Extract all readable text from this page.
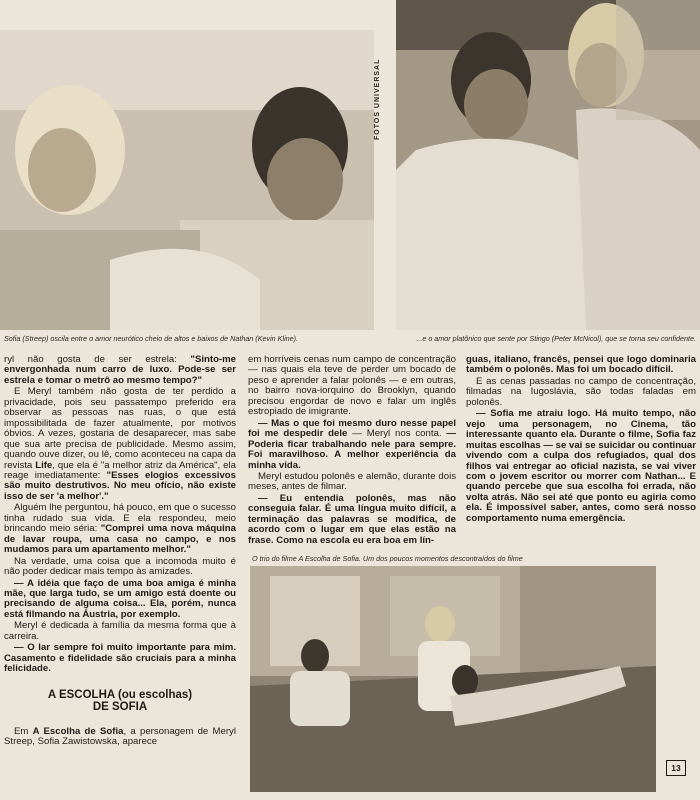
FOTOS UNIVERSAL
Sofia (Streep) oscila entre o amor neurótico cheio de altos e baixos de Nathan (Kevin Kline).	...e o amor platônico que sente por Stingo (Peter McNicol), que se torna seu confidente.

ryl não gosta de ser estrela: "Sinto-me envergonhada num carro de luxo. Pode-se ser estrela e tomar o metrô ao mesmo tempo?"

E Meryl também não gosta de ter perdido a privacidade, pois seu passatempo preferido era observar as pessoas nas ruas, o que está impossibilitada de fazer atualmente, por motivos óbvios. A vezes, gostaria de desaparecer, mas sabe que sua arte precisa de publicidade. Mesmo assim, quando ouve dizer, ou lê, como aconteceu na capa da revista Life, que ela é "a melhor atriz da América", ela reage imediatamente: "Esses elogios excessivos são muito destrutivos. No meu ofício, não existe isso de ser 'a melhor'."

Alguém lhe perguntou, há pouco, em que o sucesso tinha rudado sua vida. E ela respondeu, meio brincando meio séria: "Comprei uma nova máquina de lavar roupa, uma casa no campo, e nos mudamos para um apartamento melhor."

Na verdade, uma coisa que a incomoda muito é não poder dedicar mais tempo às amizades.

— A idéia que faço de uma boa amiga é minha mãe, que larga tudo, se um amigo está doente ou precisando de alguma coisa... Ela, porém, nunca está filmando na Áustria, por exemplo.

Meryl é dedicada à família da mesma forma que à carreira.

— O lar sempre foi muito importante para mim. Casamento e fidelidade são cruciais para a minha felicidade.

A ESCOLHA (ou escolhas)
DE SOFIA

Em A Escolha de Sofia, a personagem de Meryl Streep, Sofia Zawistowska, aparece

em horríveis cenas num campo de concentração — nas quais ela teve de perder um bocado de peso e aprender a falar polonês — e em outras, no bairro nova-iorquino do Brooklyn, quando precisou engordar de novo e falar um inglês estropiado de imigrante.

— Mas o que foi mesmo duro nesse papel foi me despedir dele — Meryl nos conta. — Poderia ficar trabalhando nele para sempre. Foi maravilhoso. A melhor experiência da minha vida.

Meryl estudou polonês e alemão, durante dois meses, antes de filmar.

— Eu entendia polonês, mas não conseguia falar. É uma língua muito difícil, a terminação das palavras se modifica, de acordo com o lugar em que elas estão na frase. Como na escola eu era boa em lín-

guas, italiano, francês, pensei que logo dominaria também o polonês. Mas foi um bocado difícil.

E as cenas passadas no campo de concentração, filmadas na Iugoslávia, são todas faladas em polonês.

— Sofia me atraiu logo. Há muito tempo, não vejo uma personagem, no Cinema, tão interessante quanto ela. Durante o filme, Sofia faz muitas escolhas — se vai se suicidar ou continuar vivendo com a culpa dos refugiados, qual dos filhos vai entregar ao oficial nazista, se vai viver com o jovem escritor ou morrer com Nathan... E quando percebe que sua escolha foi errada, não volta atrás. Não sei até que ponto eu agiria como ela. É impossível saber, antes, como será nosso comportamento numa emergência.

O trio do filme A Escolha de Sofia. Um dos poucos momentos descontraídos do filme
13
